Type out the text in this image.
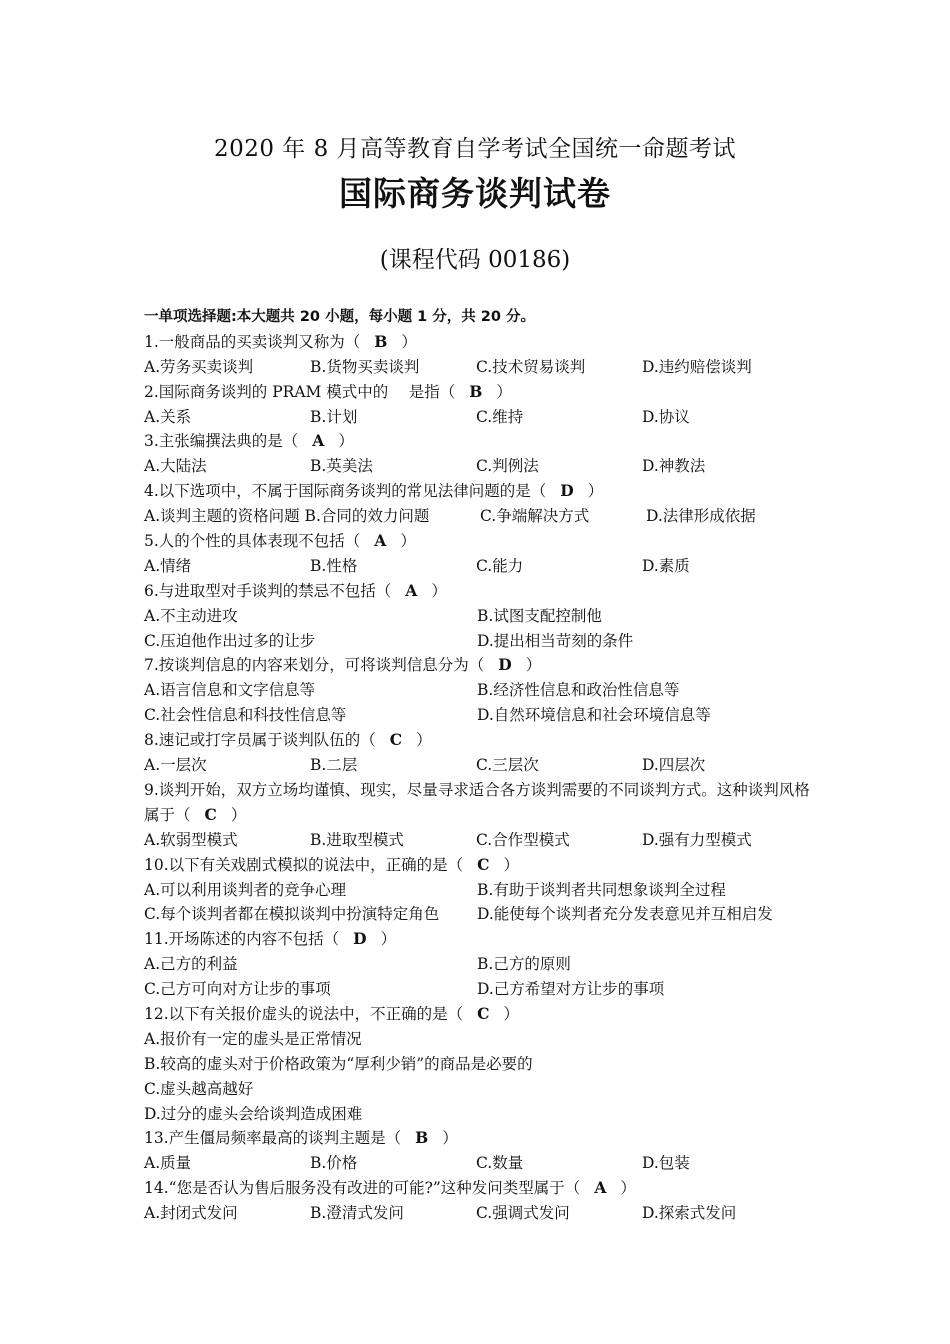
2020 年 8 月高等教育自学考试全国统一命题考试
国际商务谈判试卷
(课程代码 00186)
一单项选择题:本大题共 20 小题，每小题 1 分，共 20 分。
1.一般商品的买卖谈判又称为（ B ）
A.劳务买卖谈判	B.货物买卖谈判	C.技术贸易谈判	D.违约赔偿谈判
2.国际商务谈判的 PRAM 模式中的 　是指（ B ）
A.关系	B.计划	C.维持	D.协议
3.主张编撰法典的是（ A ）
A.大陆法	B.英美法	C.判例法	D.神教法
4.以下选项中，不属于国际商务谈判的常见法律问题的是（ D ）
A.谈判主题的资格问题 B.合同的效力问题	C.争端解决方式	D.法律形成依据
5.人的个性的具体表现不包括（ A ）
A.情绪	B.性格	C.能力	D.素质
6.与进取型对手谈判的禁忌不包括（ A ）
A.不主动进攻	B.试图支配控制他
C.压迫他作出过多的让步	D.提出相当苛刻的条件
7.按谈判信息的内容来划分，可将谈判信息分为（ D ）
A.语言信息和文字信息等	B.经济性信息和政治性信息等
C.社会性信息和科技性信息等	D.自然环境信息和社会环境信息等
8.速记或打字员属于谈判队伍的（ C ）
A.一层次	B.二层	C.三层次	D.四层次
9.谈判开始，双方立场均谨慎、现实，尽量寻求适合各方谈判需要的不同谈判方式。这种谈判风格属于（ C ）
A.软弱型模式	B.进取型模式	C.合作型模式	D.强有力型模式
10.以下有关戏剧式模拟的说法中，正确的是（ C ）
A.可以利用谈判者的竞争心理	B.有助于谈判者共同想象谈判全过程
C.每个谈判者都在模拟谈判中扮演特定角色 D.能使每个谈判者充分发表意见并互相启发
11.开场陈述的内容不包括（ D ）
A.己方的利益	B.己方的原则
C.己方可向对方让步的事项	D.己方希望对方让步的事项
12.以下有关报价虚头的说法中，不正确的是（ C ）
A.报价有一定的虚头是正常情况
B.较高的虚头对于价格政策为“厚利少销”的商品是必要的
C.虚头越高越好
D.过分的虚头会给谈判造成困难
13.产生僵局频率最高的谈判主题是（ B ）
A.质量	B.价格	C.数量	D.包装
14.“您是否认为售后服务没有改进的可能?”这种发问类型属于（ A ）
A.封闭式发问	B.澄清式发问	C.强调式发问	D.探索式发问
